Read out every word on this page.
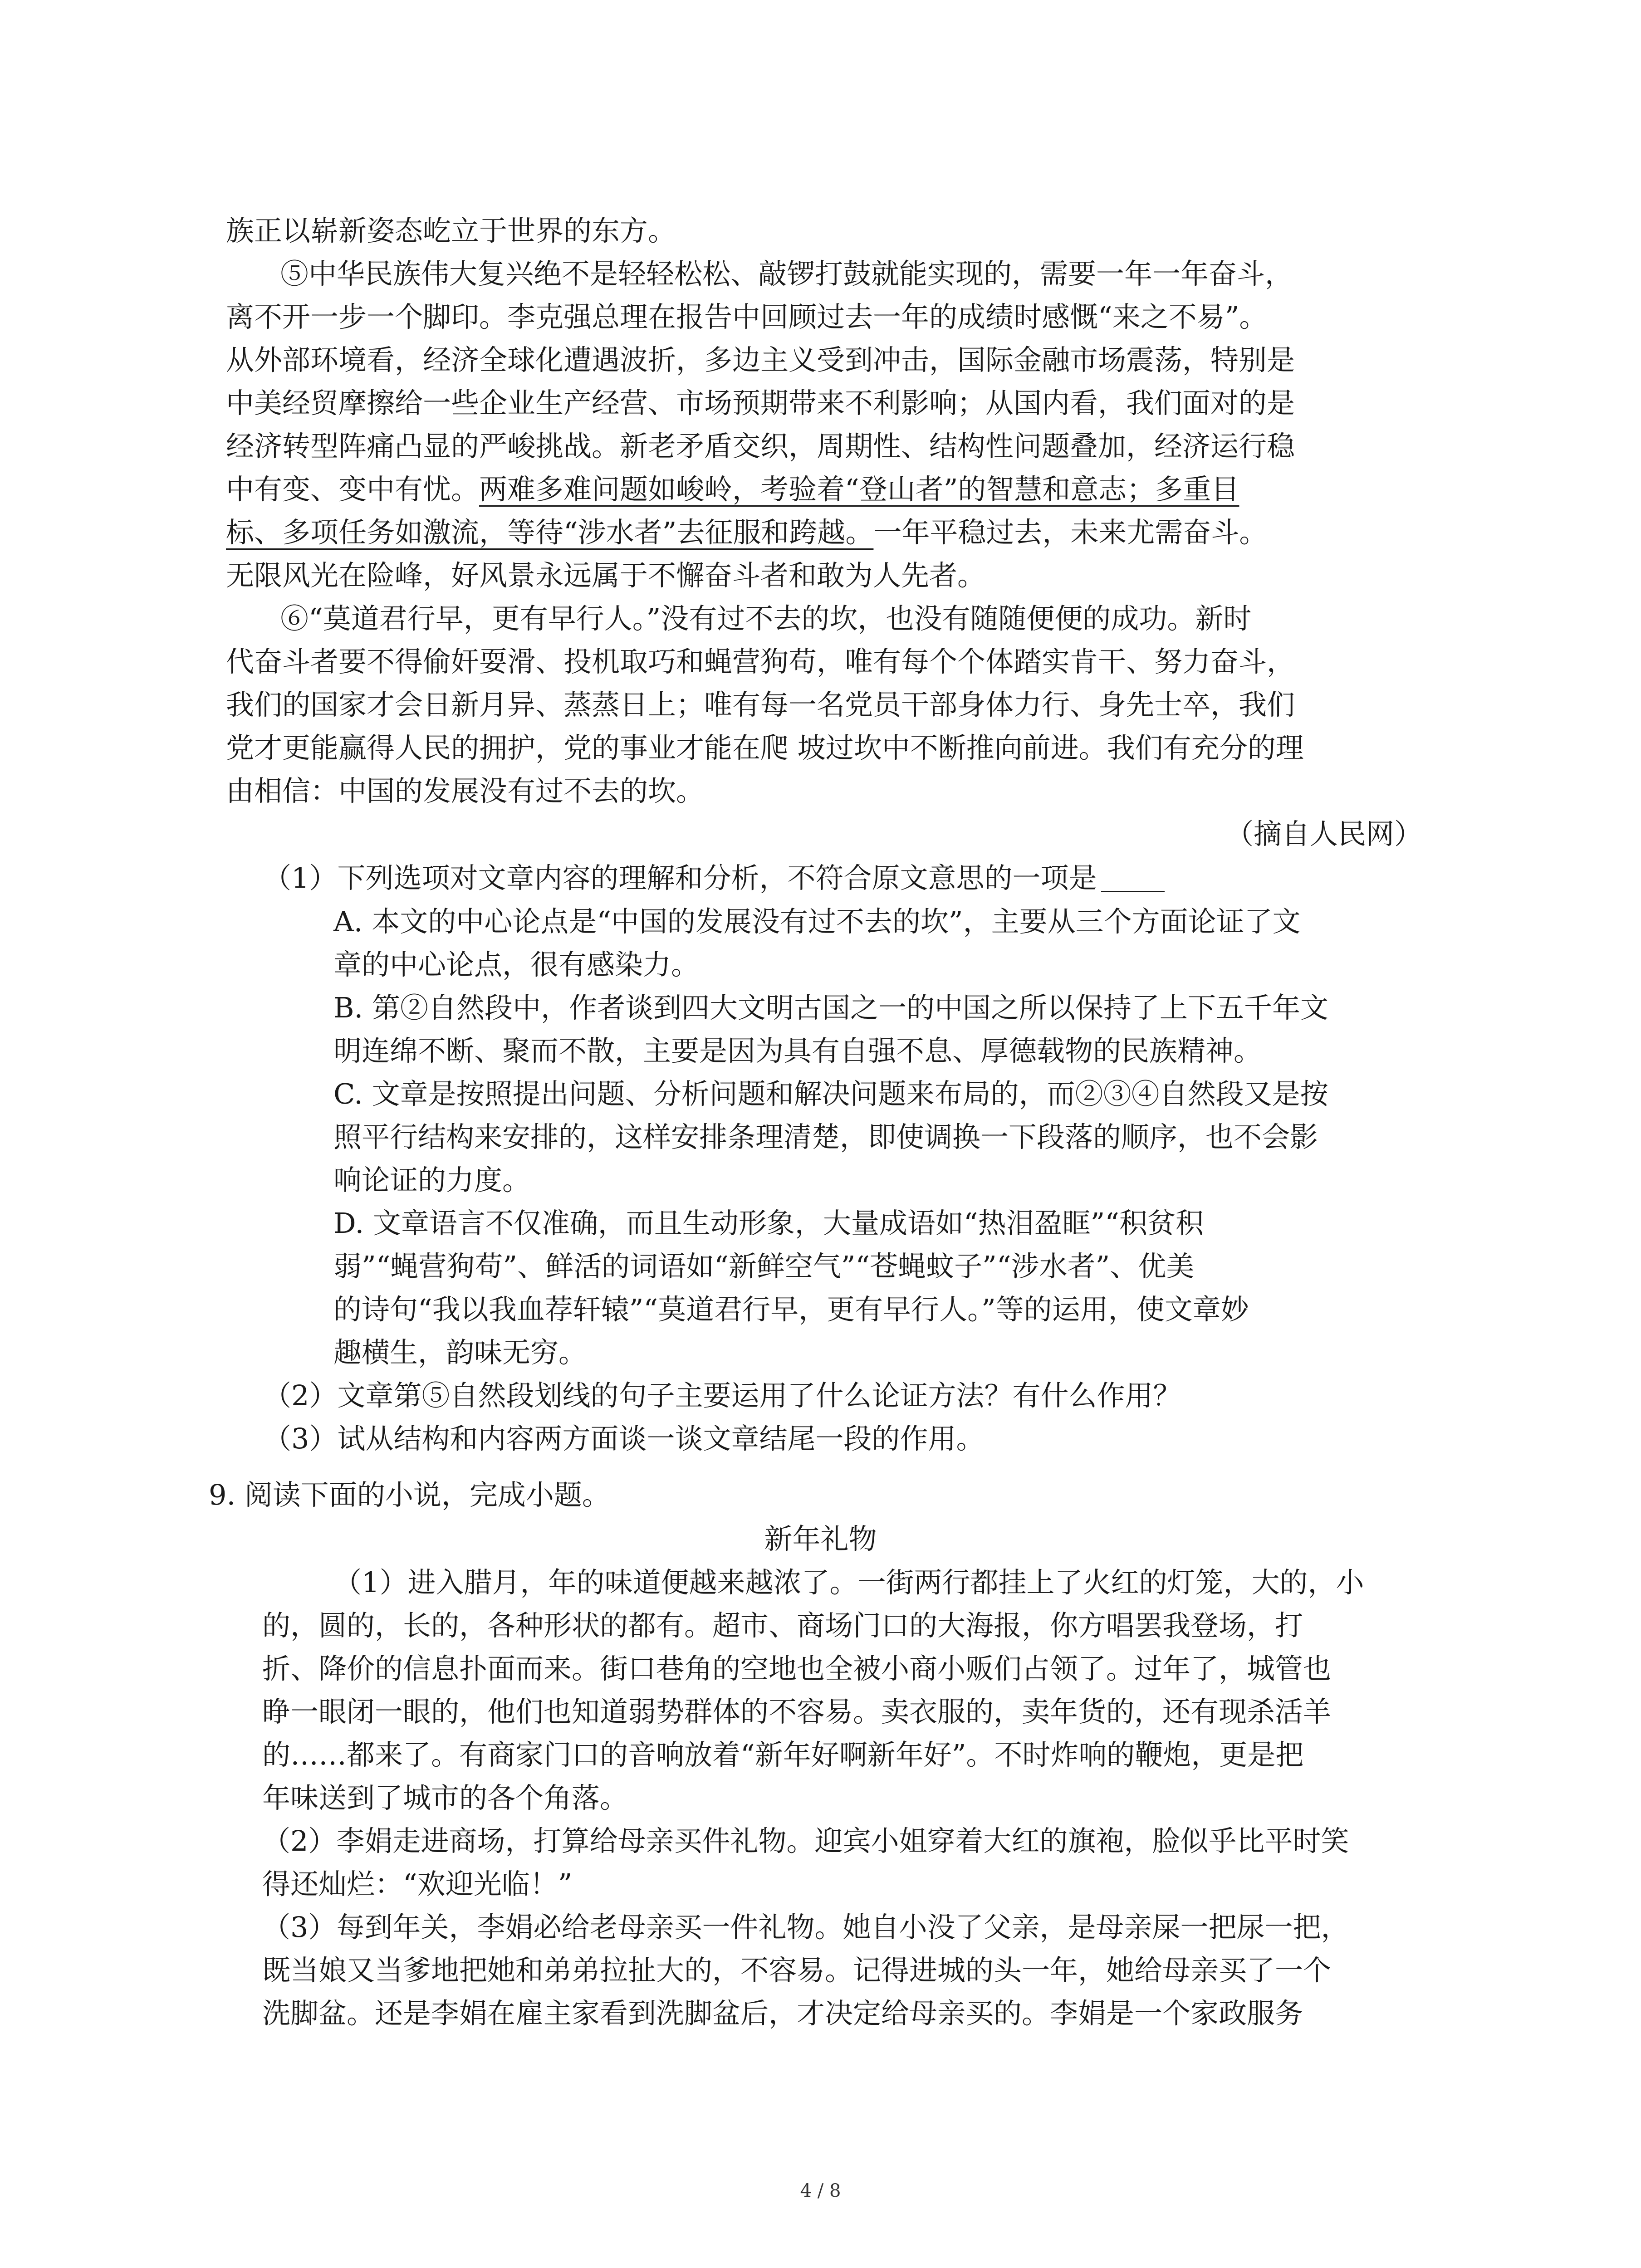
族正以崭新姿态屹立于世界的东方。

⑤中华民族伟大复兴绝不是轻轻松松、敲锣打鼓就能实现的，需要一年一年奋斗，

离不开一步一个脚印。李克强总理在报告中回顾过去一年的成绩时感慨“来之不易”。

从外部环境看，经济全球化遭遇波折，多边主义受到冲击，国际金融市场震荡，特别是

中美经贸摩擦给一些企业生产经营、市场预期带来不利影响；从国内看，我们面对的是

经济转型阵痛凸显的严峻挑战。新老矛盾交织，周期性、结构性问题叠加，经济运行稳

中有变、变中有忧。两难多难问题如峻岭，考验着“登山者”的智慧和意志；多重目

标、多项任务如激流，等待“涉水者”去征服和跨越。一年平稳过去，未来尤需奋斗。

无限风光在险峰，好风景永远属于不懈奋斗者和敢为人先者。

⑥“莫道君行早，更有早行人。”没有过不去的坎，也没有随随便便的成功。新时

代奋斗者要不得偷奸耍滑、投机取巧和蝇营狗苟，唯有每个个体踏实肯干、努力奋斗，

我们的国家才会日新月异、蒸蒸日上；唯有每一名党员干部身体力行、身先士卒，我们

党才更能赢得人民的拥护，党的事业才能在爬 坡过坎中不断推向前进。我们有充分的理

由相信：中国的发展没有过不去的坎。

（摘自人民网）

（1）下列选项对文章内容的理解和分析，不符合原文意思的一项是

A. 本文的中心论点是“中国的发展没有过不去的坎”，主要从三个方面论证了文

章的中心论点，很有感染力。

B. 第②自然段中，作者谈到四大文明古国之一的中国之所以保持了上下五千年文

明连绵不断、聚而不散，主要是因为具有自强不息、厚德载物的民族精神。

C. 文章是按照提出问题、分析问题和解决问题来布局的，而②③④自然段又是按

照平行结构来安排的，这样安排条理清楚，即使调换一下段落的顺序，也不会影

响论证的力度。

D. 文章语言不仅准确，而且生动形象，大量成语如“热泪盈眶”“积贫积

弱”“蝇营狗苟”、鲜活的词语如“新鲜空气”“苍蝇蚊子”“涉水者”、优美

的诗句“我以我血荐轩辕”“莫道君行早，更有早行人。”等的运用，使文章妙

趣横生，韵味无穷。

（2）文章第⑤自然段划线的句子主要运用了什么论证方法？有什么作用？

（3）试从结构和内容两方面谈一谈文章结尾一段的作用。

9. 阅读下面的小说，完成小题。

新年礼物

（1）进入腊月，年的味道便越来越浓了。一街两行都挂上了火红的灯笼，大的，小

的，圆的，长的，各种形状的都有。超市、商场门口的大海报，你方唱罢我登场，打

折、降价的信息扑面而来。街口巷角的空地也全被小商小贩们占领了。过年了，城管也

睁一眼闭一眼的，他们也知道弱势群体的不容易。卖衣服的，卖年货的，还有现杀活羊

的……都来了。有商家门口的音响放着“新年好啊新年好”。不时炸响的鞭炮，更是把

年味送到了城市的各个角落。

（2）李娟走进商场，打算给母亲买件礼物。迎宾小姐穿着大红的旗袍，脸似乎比平时笑

得还灿烂：“欢迎光临！”

（3）每到年关，李娟必给老母亲买一件礼物。她自小没了父亲，是母亲屎一把尿一把，

既当娘又当爹地把她和弟弟拉扯大的，不容易。记得进城的头一年，她给母亲买了一个

洗脚盆。还是李娟在雇主家看到洗脚盆后，才决定给母亲买的。李娟是一个家政服务

4 / 8
